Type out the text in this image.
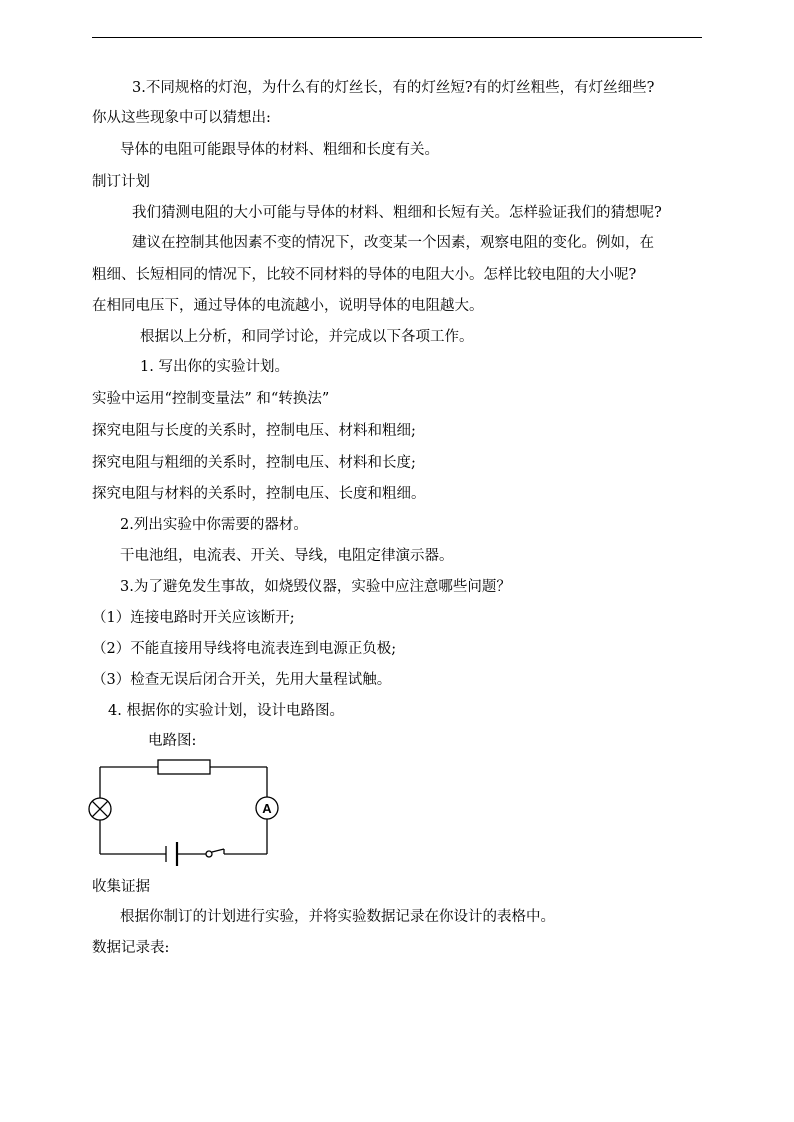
3.不同规格的灯泡，为什么有的灯丝长，有的灯丝短?有的灯丝粗些，有灯丝细些?
你从这些现象中可以猜想出:
导体的电阻可能跟导体的材料、粗细和长度有关。
制订计划
我们猜测电阻的大小可能与导体的材料、粗细和长短有关。怎样验证我们的猜想呢?
建议在控制其他因素不变的情况下，改变某一个因素，观察电阻的变化。例如，在
粗细、长短相同的情况下，比较不同材料的导体的电阻大小。怎样比较电阻的大小呢?
在相同电压下，通过导体的电流越小，说明导体的电阻越大。
根据以上分析，和同学讨论，并完成以下各项工作。
1. 写出你的实验计划。
实验中运用“控制变量法” 和“转换法”
探究电阻与长度的关系时，控制电压、材料和粗细;
探究电阻与粗细的关系时，控制电压、材料和长度;
探究电阻与材料的关系时，控制电压、长度和粗细。
2.列出实验中你需要的器材。
干电池组，电流表、开关、导线，电阻定律演示器。
3.为了避免发生事故，如烧毁仪器，实验中应注意哪些问题？
（1）连接电路时开关应该断开;
（2）不能直接用导线将电流表连到电源正负极;
（3）检查无误后闭合开关，先用大量程试触。
4. 根据你的实验计划，设计电路图。
电路图:
A
收集证据
根据你制订的计划进行实验，并将实验数据记录在你设计的表格中。
数据记录表:
